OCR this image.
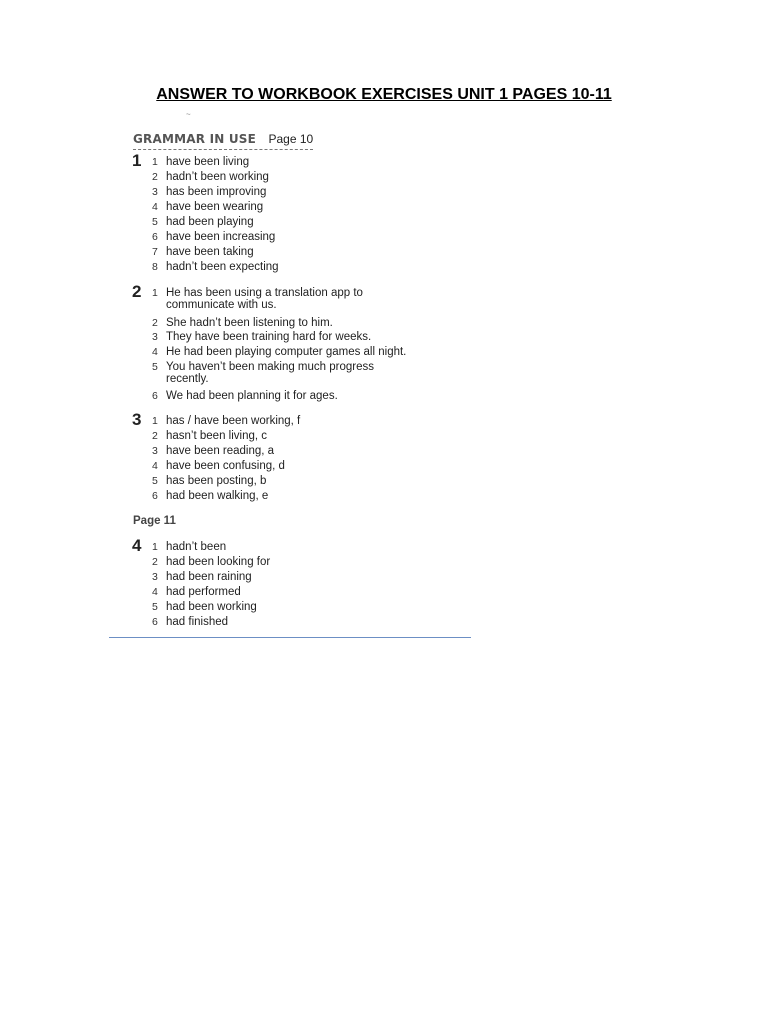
ANSWER TO WORKBOOK EXERCISES UNIT 1 PAGES 10-11
~
GRAMMAR IN USE Page 10
1 1 have been living
2 hadn’t been working
3 has been improving
4 have been wearing
5 had been playing
6 have been increasing
7 have been taking
8 hadn’t been expecting
2 1 He has been using a translation app to
communicate with us.
2 She hadn’t been listening to him.
3 They have been training hard for weeks.
4 He had been playing computer games all night.
5 You haven’t been making much progress
recently.
6 We had been planning it for ages.
3 1 has / have been working, f
2 hasn’t been living, c
3 have been reading, a
4 have been confusing, d
5 has been posting, b
6 had been walking, e
Page 11
4 1 hadn’t been
2 had been looking for
3 had been raining
4 had performed
5 had been working
6 had finished
